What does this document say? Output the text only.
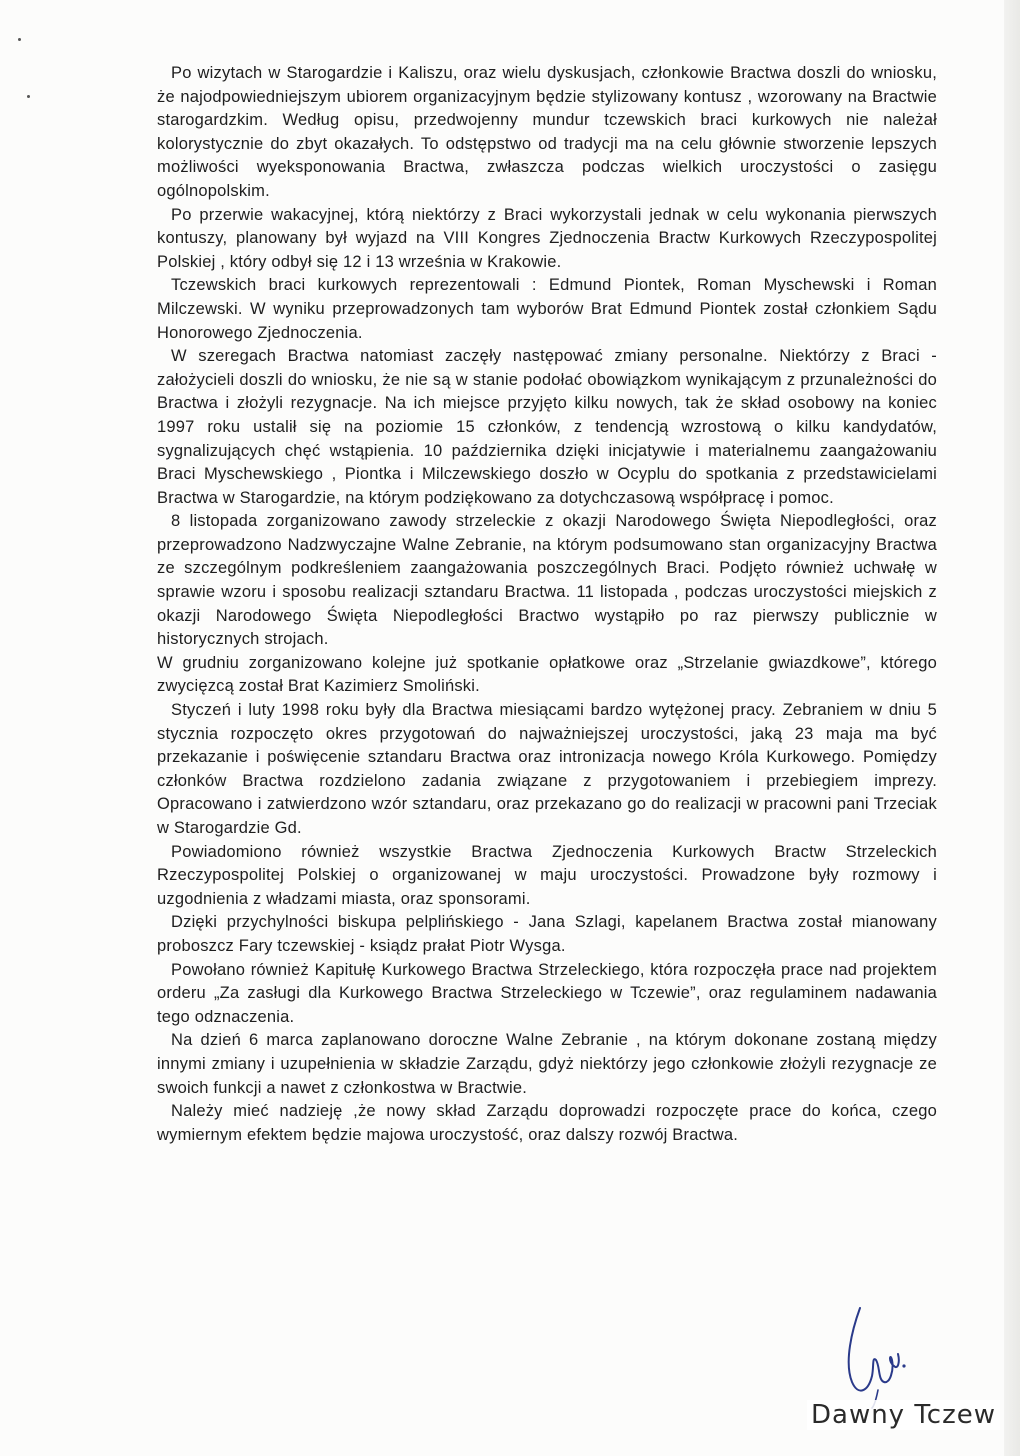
Po wizytach w Starogardzie i Kaliszu, oraz wielu dyskusjach, członkowie Bractwa doszli do wniosku, że najodpowiedniejszym ubiorem organizacyjnym będzie stylizowany kontusz , wzorowany na Bractwie starogardzkim. Według opisu, przedwojenny mundur tczewskich braci kurkowych nie należał kolorystycznie do zbyt okazałych. To odstępstwo od tradycji ma na celu głównie stworzenie lepszych możliwości wyeksponowania Bractwa, zwłaszcza podczas wielkich uroczystości o zasięgu ogólnopolskim.

Po przerwie wakacyjnej, którą niektórzy z Braci wykorzystali jednak w celu wykonania pierwszych kontuszy, planowany był wyjazd na VIII Kongres Zjednoczenia Bractw Kurkowych Rzeczypospolitej Polskiej , który odbył się 12 i 13 września w Krakowie.

Tczewskich braci kurkowych reprezentowali : Edmund Piontek, Roman Myschewski i Roman Milczewski. W wyniku przeprowadzonych tam wyborów Brat Edmund Piontek został członkiem Sądu Honorowego Zjednoczenia.

W szeregach Bractwa natomiast zaczęły następować zmiany personalne. Niektórzy z Braci - założycieli doszli do wniosku, że nie są w stanie podołać obowiązkom wynikającym z przunależności do Bractwa i złożyli rezygnacje. Na ich miejsce przyjęto kilku nowych, tak że skład osobowy na koniec 1997 roku ustalił się na poziomie 15 członków, z tendencją wzrostową o kilku kandydatów, sygnalizujących chęć wstąpienia. 10 października dzięki inicjatywie i materialnemu zaangażowaniu Braci Myschewskiego , Piontka i Milczewskiego doszło w Ocyplu do spotkania z przedstawicielami Bractwa w Starogardzie, na którym podziękowano za dotychczasową współpracę i pomoc.

8 listopada zorganizowano zawody strzeleckie z okazji Narodowego Święta Niepodległości, oraz przeprowadzono Nadzwyczajne Walne Zebranie, na którym podsumowano stan organizacyjny Bractwa ze szczególnym podkreśleniem zaangażowania poszczególnych Braci. Podjęto również uchwałę w sprawie wzoru i sposobu realizacji sztandaru Bractwa. 11 listopada , podczas uroczystości miejskich z okazji Narodowego Święta Niepodległości Bractwo wystąpiło po raz pierwszy publicznie w historycznych strojach.

W grudniu zorganizowano kolejne już spotkanie opłatkowe oraz „Strzelanie gwiazdkowe”, którego zwycięzcą został Brat Kazimierz Smoliński.

Styczeń i luty 1998 roku były dla Bractwa miesiącami bardzo wytężonej pracy. Zebraniem w dniu 5 stycznia rozpoczęto okres przygotowań do najważniejszej uroczystości, jaką 23 maja ma być przekazanie i poświęcenie sztandaru Bractwa oraz intronizacja nowego Króla Kurkowego. Pomiędzy członków Bractwa rozdzielono zadania związane z przygotowaniem i przebiegiem imprezy. Opracowano i zatwierdzono wzór sztandaru, oraz przekazano go do realizacji w pracowni pani Trzeciak w Starogardzie Gd.

Powiadomiono również wszystkie Bractwa Zjednoczenia Kurkowych Bractw Strzeleckich Rzeczypospolitej Polskiej o organizowanej w maju uroczystości. Prowadzone były rozmowy i uzgodnienia z władzami miasta, oraz sponsorami.

Dzięki przychylności biskupa pelplińskiego - Jana Szlagi, kapelanem Bractwa został mianowany proboszcz Fary tczewskiej - ksiądz prałat Piotr Wysga.

Powołano również Kapitułę Kurkowego Bractwa Strzeleckiego, która rozpoczęła prace nad projektem orderu „Za zasługi dla Kurkowego Bractwa Strzeleckiego w Tczewie”, oraz regulaminem nadawania tego odznaczenia.

Na dzień 6 marca zaplanowano doroczne Walne Zebranie , na którym dokonane zostaną między innymi zmiany i uzupełnienia w składzie Zarządu, gdyż niektórzy jego członkowie złożyli rezygnacje ze swoich funkcji a nawet z członkostwa w Bractwie.

Należy mieć nadzieję ,że nowy skład Zarządu doprowadzi rozpoczęte prace do końca, czego wymiernym efektem będzie majowa uroczystość, oraz dalszy rozwój Bractwa.

Dawny Tczew
